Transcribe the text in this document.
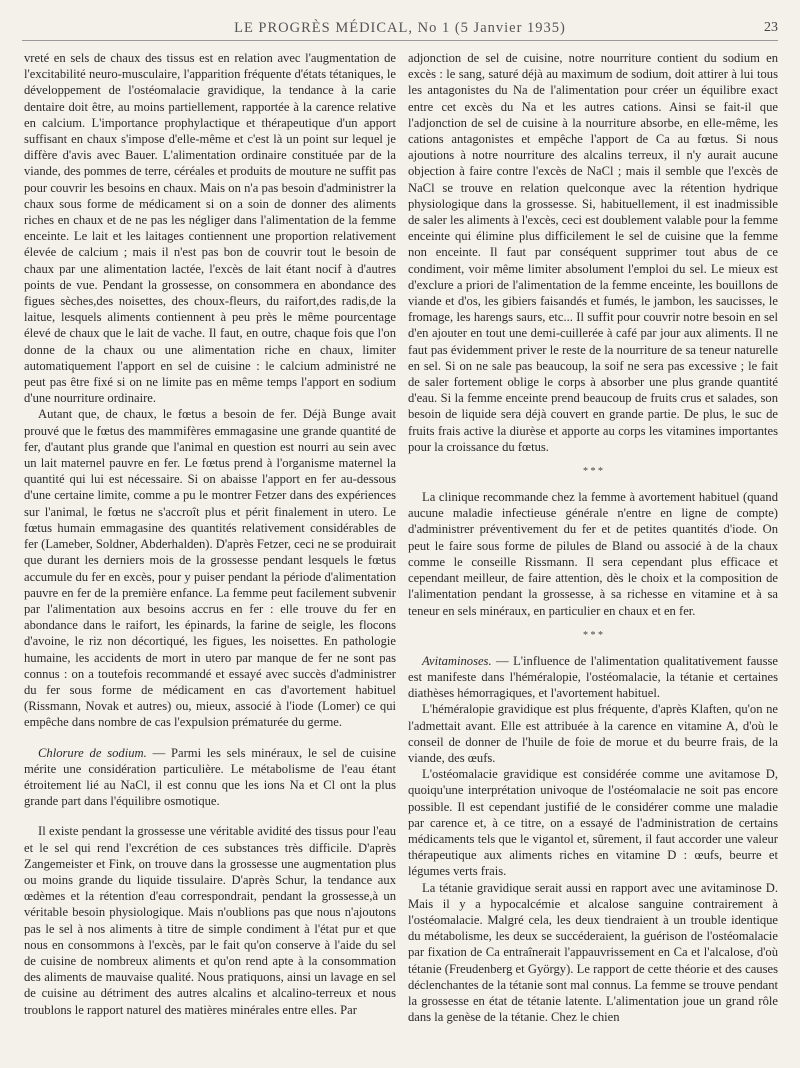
LE PROGRÈS MÉDICAL, No 1 (5 Janvier 1935)	23

vreté en sels de chaux des tissus est en relation avec l'augmentation de l'excitabilité neuro-musculaire, l'apparition fréquente d'états tétaniques, le développement de l'ostéomalacie gravidique, la tendance à la carie dentaire doit être, au moins partiellement, rapportée à la carence relative en calcium. L'importance prophylactique et thérapeutique d'un apport suffisant en chaux s'impose d'elle-même et c'est là un point sur lequel je diffère d'avis avec Bauer. L'alimentation ordinaire constituée par de la viande, des pommes de terre, céréales et produits de mouture ne suffit pas pour couvrir les besoins en chaux. Mais on n'a pas besoin d'administrer la chaux sous forme de médicament si on a soin de donner des aliments riches en chaux et de ne pas les négliger dans l'alimentation de la femme enceinte. Le lait et les laitages contiennent une proportion relativement élevée de calcium ; mais il n'est pas bon de couvrir tout le besoin de chaux par une alimentation lactée, l'excès de lait étant nocif à d'autres points de vue. Pendant la grossesse, on consommera en abondance des figues sèches,des noisettes, des choux-fleurs, du raifort,des radis,de la laitue, lesquels aliments contiennent à peu près le même pourcentage élevé de chaux que le lait de vache. Il faut, en outre, chaque fois que l'on donne de la chaux ou une alimentation riche en chaux, limiter automatiquement l'apport en sel de cuisine : le calcium administré ne peut pas être fixé si on ne limite pas en même temps l'apport en sodium d'une nourriture ordinaire.

Autant que, de chaux, le fœtus a besoin de fer. Déjà Bunge avait prouvé que le fœtus des mammifères emmagasine une grande quantité de fer, d'autant plus grande que l'animal en question est nourri au sein avec un lait maternel pauvre en fer. Le fœtus prend à l'organisme maternel la quantité qui lui est nécessaire. Si on abaisse l'apport en fer au-dessous d'une certaine limite, comme a pu le montrer Fetzer dans des expériences sur l'animal, le fœtus ne s'accroît plus et périt finalement in utero. Le fœtus humain emmagasine des quantités relativement considérables de fer (Lameber, Soldner, Abderhalden). D'après Fetzer, ceci ne se produirait que durant les derniers mois de la grossesse pendant lesquels le fœtus accumule du fer en excès, pour y puiser pendant la période d'alimentation pauvre en fer de la première enfance. La femme peut facilement subvenir par l'alimentation aux besoins accrus en fer : elle trouve du fer en abondance dans le raifort, les épinards, la farine de seigle, les flocons d'avoine, le riz non décortiqué, les figues, les noisettes. En pathologie humaine, les accidents de mort in utero par manque de fer ne sont pas connus : on a toutefois recommandé et essayé avec succès d'administrer du fer sous forme de médicament en cas d'avortement habituel (Rissmann, Novak et autres) ou, mieux, associé à l'iode (Lomer) ce qui empêche dans nombre de cas l'expulsion prématurée du germe.

Chlorure de sodium. — Parmi les sels minéraux, le sel de cuisine mérite une considération particulière. Le métabolisme de l'eau étant étroitement lié au NaCl, il est connu que les ions Na et Cl ont la plus grande part dans l'équilibre osmotique.

Il existe pendant la grossesse une véritable avidité des tissus pour l'eau et le sel qui rend l'excrétion de ces substances très difficile. D'après Zangemeister et Fink, on trouve dans la grossesse une augmentation plus ou moins grande du liquide tissulaire. D'après Schur, la tendance aux œdèmes et la rétention d'eau correspondrait, pendant la grossesse,à un véritable besoin physiologique. Mais n'oublions pas que nous n'ajoutons pas le sel à nos aliments à titre de simple condiment à l'état pur et que nous en consommons à l'excès, par le fait qu'on conserve à l'aide du sel de cuisine de nombreux aliments et qu'on rend apte à la consommation des aliments de mauvaise qualité. Nous pratiquons, ainsi un lavage en sel de cuisine au détriment des autres alcalins et alcalino-terreux et nous troublons le rapport naturel des matières minérales entre elles. Par

adjonction de sel de cuisine, notre nourriture contient du sodium en excès : le sang, saturé déjà au maximum de sodium, doit attirer à lui tous les antagonistes du Na de l'alimentation pour créer un équilibre exact entre cet excès du Na et les autres cations. Ainsi se fait-il que l'adjonction de sel de cuisine à la nourriture absorbe, en elle-même, les cations antagonistes et empêche l'apport de Ca au fœtus. Si nous ajoutions à notre nourriture des alcalins terreux, il n'y aurait aucune objection à faire contre l'excès de NaCl ; mais il semble que l'excès de NaCl se trouve en relation quelconque avec la rétention hydrique physiologique dans la grossesse. Si, habituellement, il est inadmissible de saler les aliments à l'excès, ceci est doublement valable pour la femme enceinte qui élimine plus difficilement le sel de cuisine que la femme non enceinte. Il faut par conséquent supprimer tout abus de ce condiment, voir même limiter absolument l'emploi du sel. Le mieux est d'exclure a priori de l'alimentation de la femme enceinte, les bouillons de viande et d'os, les gibiers faisandés et fumés, le jambon, les saucisses, le fromage, les harengs saurs, etc... Il suffit pour couvrir notre besoin en sel d'en ajouter en tout une demi-cuillerée à café par jour aux aliments. Il ne faut pas évidemment priver le reste de la nourriture de sa teneur naturelle en sel. Si on ne sale pas beaucoup, la soif ne sera pas excessive ; le fait de saler fortement oblige le corps à absorber une plus grande quantité d'eau. Si la femme enceinte prend beaucoup de fruits crus et salades, son besoin de liquide sera déjà couvert en grande partie. De plus, le suc de fruits frais active la diurèse et apporte au corps les vitamines importantes pour la croissance du fœtus.

* * *

La clinique recommande chez la femme à avortement habituel (quand aucune maladie infectieuse générale n'entre en ligne de compte) d'administrer préventivement du fer et de petites quantités d'iode. On peut le faire sous forme de pilules de Bland ou associé à de la chaux comme le conseille Rissmann. Il sera cependant plus efficace et cependant meilleur, de faire attention, dès le choix et la composition de l'alimentation pendant la grossesse, à sa richesse en vitamine et à sa teneur en sels minéraux, en particulier en chaux et en fer.

* * *

Avitaminoses. — L'influence de l'alimentation qualitativement fausse est manifeste dans l'héméralopie, l'ostéomalacie, la tétanie et certaines diathèses hémorragiques, et l'avortement habituel.

L'héméralopie gravidique est plus fréquente, d'après Klaften, qu'on ne l'admettait avant. Elle est attribuée à la carence en vitamine A, d'où le conseil de donner de l'huile de foie de morue et du beurre frais, de la viande, des œufs.

L'ostéomalacie gravidique est considérée comme une avitamose D, quoiqu'une interprétation univoque de l'ostéomalacie ne soit pas encore possible. Il est cependant justifié de le considérer comme une maladie par carence et, à ce titre, on a essayé de l'administration de certains médicaments tels que le vigantol et, sûrement, il faut accorder une valeur thérapeutique aux aliments riches en vitamine D : œufs, beurre et légumes verts frais.

La tétanie gravidique serait aussi en rapport avec une avitaminose D. Mais il y a hypocalcémie et alcalose sanguine contrairement à l'ostéomalacie. Malgré cela, les deux tiendraient à un trouble identique du métabolisme, les deux se succéderaient, la guérison de l'ostéomalacie par fixation de Ca entraînerait l'appauvrissement en Ca et l'alcalose, d'où tétanie (Freudenberg et György). Le rapport de cette théorie et des causes déclenchantes de la tétanie sont mal connus. La femme se trouve pendant la grossesse en état de tétanie latente. L'alimentation joue un grand rôle dans la genèse de la tétanie. Chez le chien
